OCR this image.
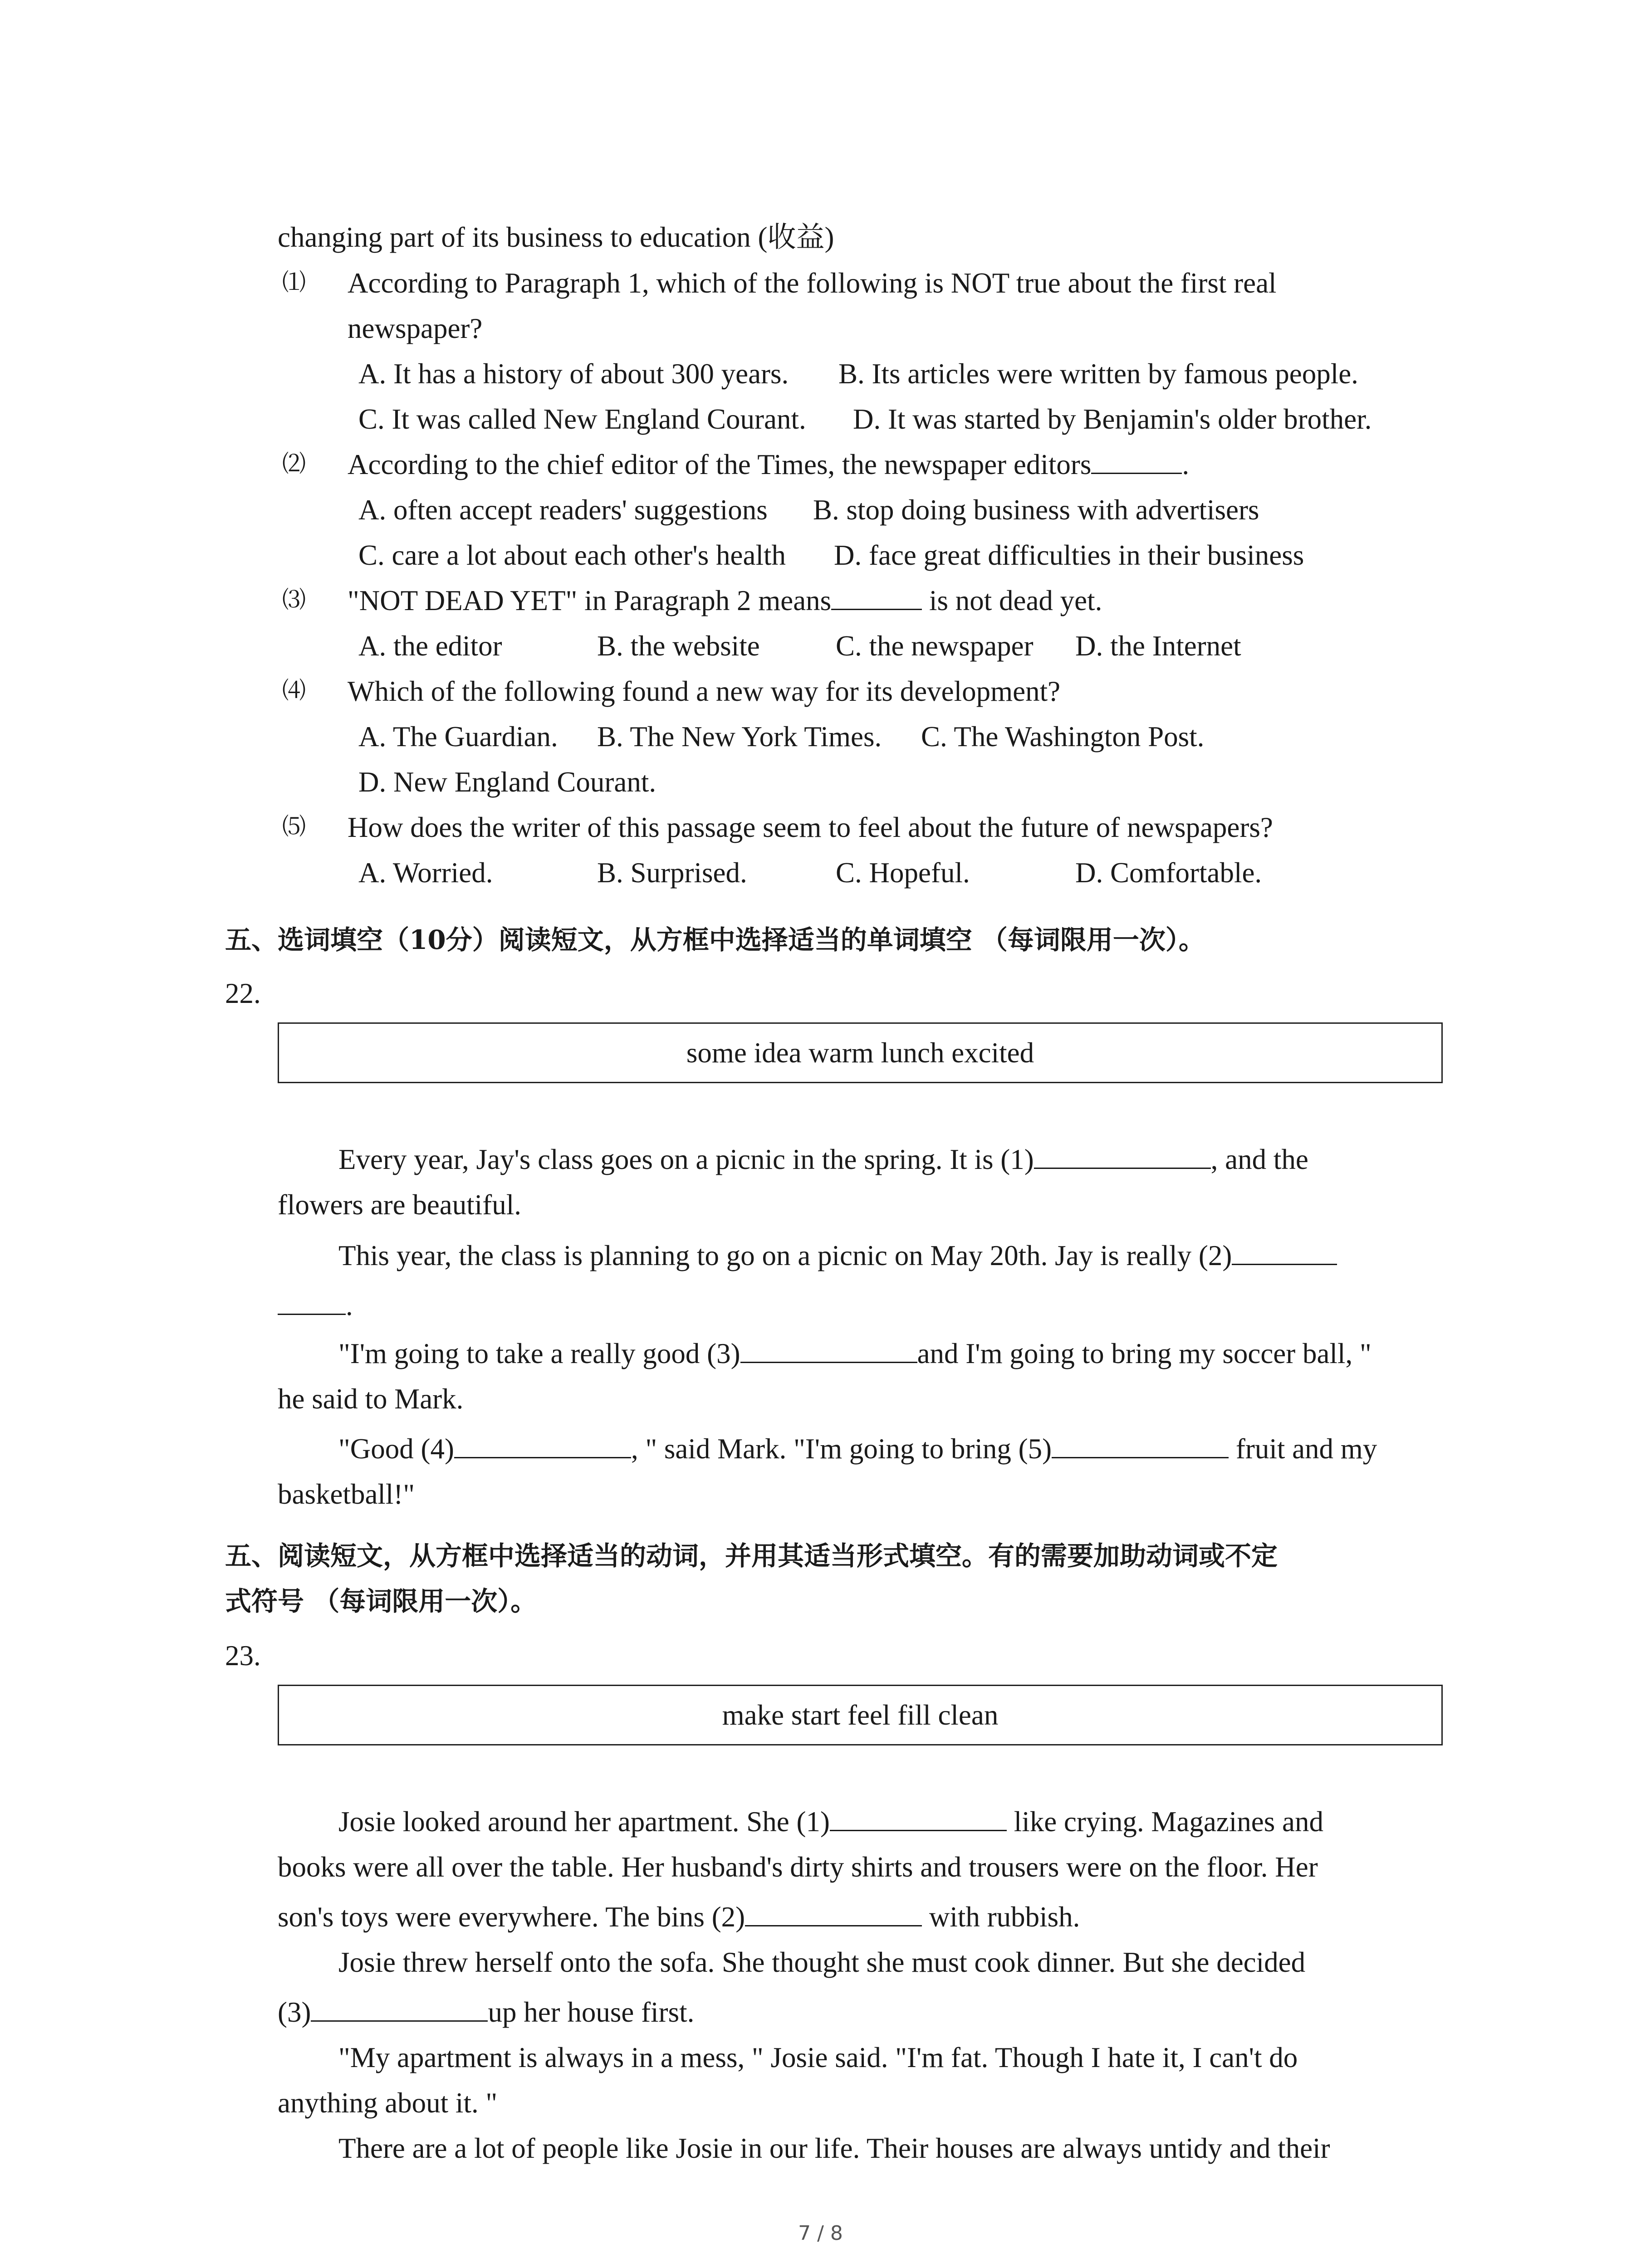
changing part of its business to education (收益)
⑴ According to Paragraph 1, which of the following is NOT true about the first real
newspaper?
A. It has a history of about 300 years. B. Its articles were written by famous people.
C. It was called New England Courant. D. It was started by Benjamin's older brother.
⑵ According to the chief editor of the Times, the newspaper editors	.
A. often accept readers' suggestions B. stop doing business with advertisers
C. care a lot about each other's health D. face great difficulties in their business
⑶ "NOT DEAD YET" in Paragraph 2 means	is not dead yet.
A. the editor	B. the website	C. the newspaper D. the Internet
⑷ Which of the following found a new way for its development?
A. The Guardian. B. The New York Times. C. The Washington Post.
D. New England Courant.
⑸ How does the writer of this passage seem to feel about the future of newspapers?
A. Worried.	B. Surprised.	C. Hopeful.	D. Comfortable.
五、选词填空（10分）阅读短文，从方框中选择适当的单词填空 （每词限用一次）。
22.
some idea warm lunch excited
Every year, Jay's class goes on a picnic in the spring. It is (1)	, and the
flowers are beautiful.
This year, the class is planning to go on a picnic on May 20th. Jay is really (2)
.
"I'm going to take a really good (3)	and I'm going to bring my soccer ball, "
he said to Mark.
"Good (4)	, " said Mark. "I'm going to bring (5)	fruit and my
basketball!"
五、阅读短文，从方框中选择适当的动词，并用其适当形式填空。有的需要加助动词或不定
式符号 （每词限用一次）。
23.
make start feel fill clean
Josie looked around her apartment. She (1)	like crying. Magazines and
books were all over the table. Her husband's dirty shirts and trousers were on the floor. Her
son's toys were everywhere. The bins (2)	with rubbish.
Josie threw herself onto the sofa. She thought she must cook dinner. But she decided
(3)	up her house first.
"My apartment is always in a mess, " Josie said. "I'm fat. Though I hate it, I can't do
anything about it. "
There are a lot of people like Josie in our life. Their houses are always untidy and their
7 / 8
